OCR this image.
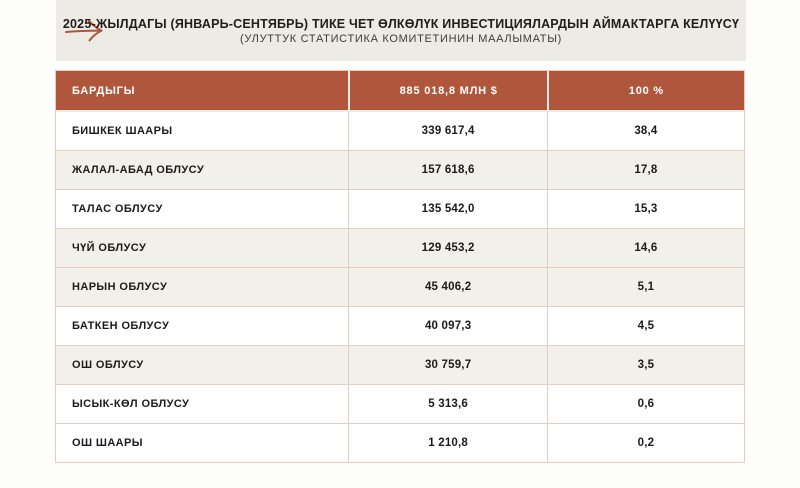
2025-ЖЫЛДАГЫ (ЯНВАРЬ-СЕНТЯБРЬ) ТИКЕ ЧЕТ ӨЛКӨЛҮК ИНВЕСТИЦИЯЛАРДЫН АЙМАКТАРГА КЕЛҮҮСҮ
(УЛУТТУК СТАТИСТИКА КОМИТЕТИНИН МААЛЫМАТЫ)
БАРДЫГЫ	885 018,8 МЛН $	100 %
БИШКЕК ШААРЫ	339 617,4	38,4
ЖАЛАЛ-АБАД ОБЛУСУ	157 618,6	17,8
ТАЛАС ОБЛУСУ	135 542,0	15,3
ЧҮЙ ОБЛУСУ	129 453,2	14,6
НАРЫН ОБЛУСУ	45 406,2	5,1
БАТКЕН ОБЛУСУ	40 097,3	4,5
ОШ ОБЛУСУ	30 759,7	3,5
ЫСЫК-КӨЛ ОБЛУСУ	5 313,6	0,6
ОШ ШААРЫ	1 210,8	0,2
